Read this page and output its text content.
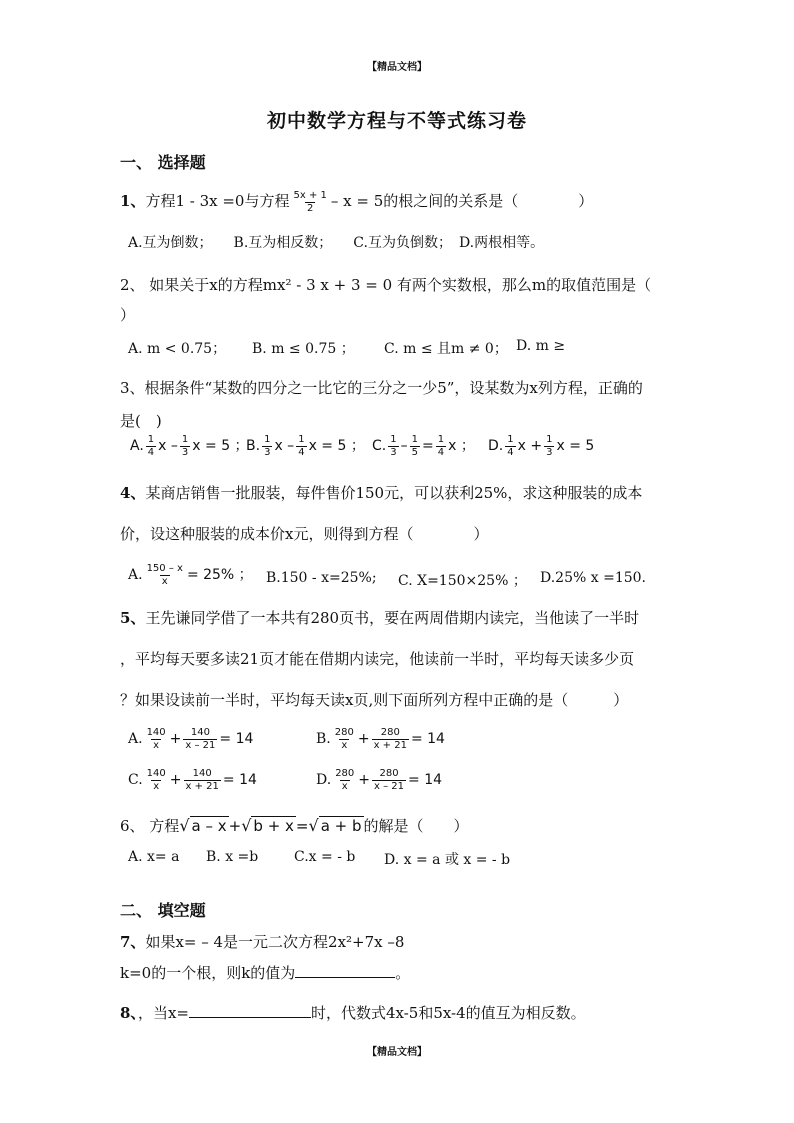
【精品文档】
初中数学方程与不等式练习卷
一、 选择题
1、方程1 - 3x =0与方程 $\frac{5x + 1}{2} - x = 5$的根之间的关系是（　　　　）
A.互为倒数；　　B.互为相反数；　　C.互为负倒数；　D.两根相等。
2、 如果关于x的方程mx² - 3 x + 3 = 0 有两个实数根，那么m的取值范围是（
）
A. m < 0.75； B. m ≤ 0.75 ； C. m ≤ 且m ≠ 0； D. m ≥
3、根据条件“某数的四分之一比它的三分之一少5”，设某数为x列方程，正确的
是(　)
A. $\frac{1}{4}$ x – $\frac{1}{3}$ x = 5 ；
B. $\frac{1}{3}$ x – $\frac{1}{4}$ x = 5 ； C. $\frac{1}{3} - \frac{1}{5} = \frac{1}{4}$ x ； D. $\frac{1}{4}$ $x + \frac{1}{3}$ x = 5
4、某商店销售一批服装，每件售价150元，可以获利25%，求这种服装的成本
价，设这种服装的成本价x元，则得到方程（　　　　）
A. $\frac{150 - x}{x} = 25\%$ ； B.150 - x=25%; C. X=150×25% ； D.25% x =150.
5、王先谦同学借了一本共有280页书，要在两周借期内读完，当他读了一半时
，平均每天要多读21页才能在借期内读完，他读前一半时，平均每天读多少页
？如果设读前一半时，平均每天读x页,则下面所列方程中正确的是（　　　）
A. $\frac{140}{x} + \frac{140}{x - 21} = 14$	B. $\frac{280}{x} + \frac{280}{x + 21} = 14$
C. $\frac{140}{x} + \frac{140}{x + 21} = 14$	D. $\frac{280}{x} + \frac{280}{x - 21} = 14$
6、 方程√ a – x +√ b + x =√ a + b 的解是（　　）
A. x= a B. x =b	C.x = - b D. x = a 或 x = - b
二、 填空题
7、如果x= – 4是一元二次方程2x²+7x –8
k=0的一个根，则k的值为	。
8、，当x=	时，代数式4x-5和5x-4的值互为相反数。
【精品文档】
